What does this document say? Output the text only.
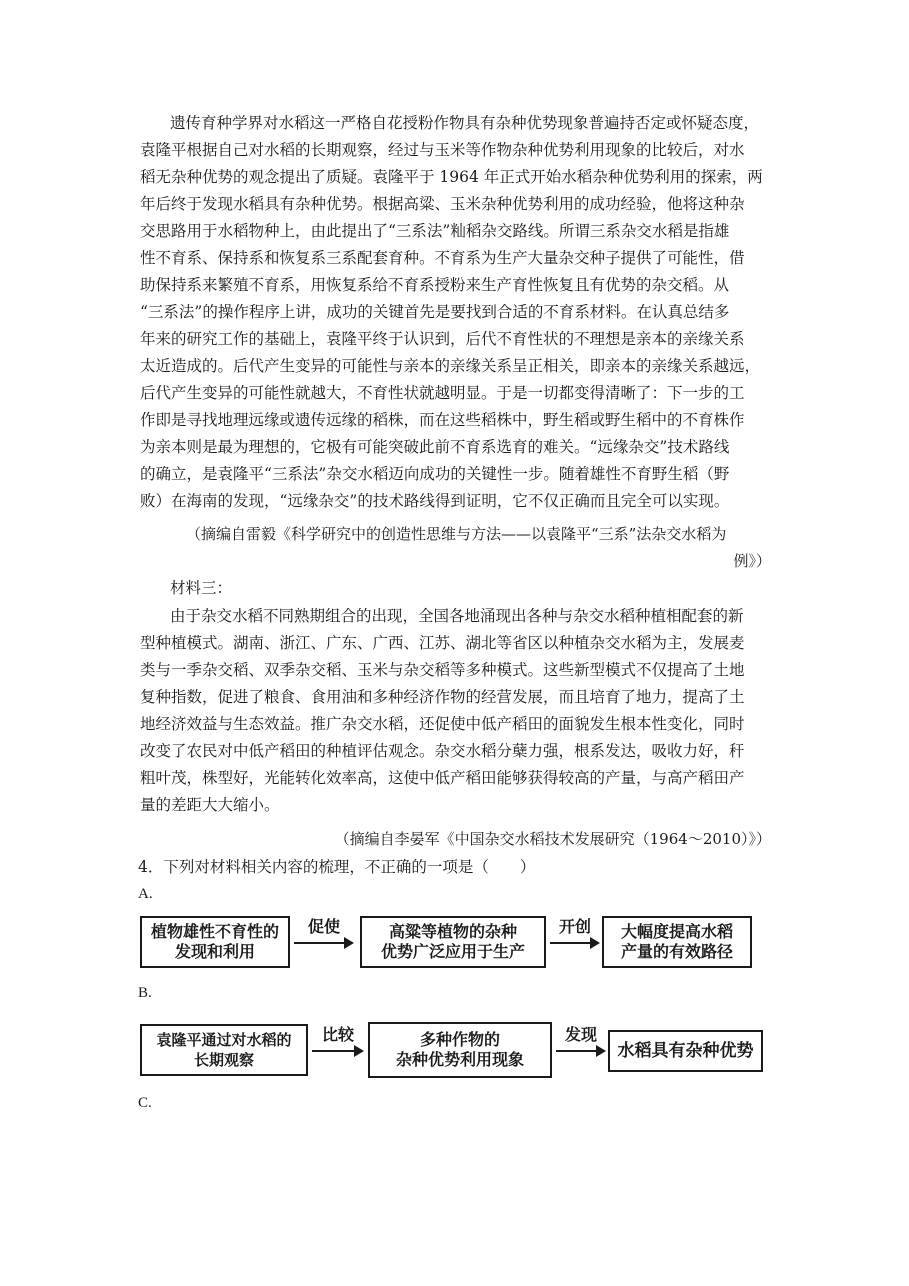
遗传育种学界对水稻这一严格自花授粉作物具有杂种优势现象普遍持否定或怀疑态度，
袁隆平根据自己对水稻的长期观察，经过与玉米等作物杂种优势利用现象的比较后，对水
稻无杂种优势的观念提出了质疑。袁隆平于 1964 年正式开始水稻杂种优势利用的探索，两
年后终于发现水稻具有杂种优势。根据高粱、玉米杂种优势利用的成功经验，他将这种杂
交思路用于水稻物种上，由此提出了“三系法”籼稻杂交路线。所谓三系杂交水稻是指雄
性不育系、保持系和恢复系三系配套育种。不育系为生产大量杂交种子提供了可能性，借
助保持系来繁殖不育系，用恢复系给不育系授粉来生产育性恢复且有优势的杂交稻。从
“三系法”的操作程序上讲，成功的关键首先是要找到合适的不育系材料。在认真总结多
年来的研究工作的基础上，袁隆平终于认识到，后代不育性状的不理想是亲本的亲缘关系
太近造成的。后代产生变异的可能性与亲本的亲缘关系呈正相关，即亲本的亲缘关系越远，
后代产生变异的可能性就越大，不育性状就越明显。于是一切都变得清晰了：下一步的工
作即是寻找地理远缘或遗传远缘的稻株，而在这些稻株中，野生稻或野生稻中的不育株作
为亲本则是最为理想的，它极有可能突破此前不育系选育的难关。“远缘杂交”技术路线
的确立，是袁隆平“三系法”杂交水稻迈向成功的关键性一步。随着雄性不育野生稻（野
败）在海南的发现，“远缘杂交”的技术路线得到证明，它不仅正确而且完全可以实现。
（摘编自雷毅《科学研究中的创造性思维与方法——以袁隆平“三系”法杂交水稻为
例》）
材料三：
由于杂交水稻不同熟期组合的出现，全国各地涌现出各种与杂交水稻种植相配套的新
型种植模式。湖南、浙江、广东、广西、江苏、湖北等省区以种植杂交水稻为主，发展麦
类与一季杂交稻、双季杂交稻、玉米与杂交稻等多种模式。这些新型模式不仅提高了土地
复种指数，促进了粮食、食用油和多种经济作物的经营发展，而且培育了地力，提高了土
地经济效益与生态效益。推广杂交水稻，还促使中低产稻田的面貌发生根本性变化，同时
改变了农民对中低产稻田的种植评估观念。杂交水稻分蘖力强，根系发达，吸收力好，秆
粗叶茂，株型好，光能转化效率高，这使中低产稻田能够获得较高的产量，与高产稻田产
量的差距大大缩小。
（摘编自李晏军《中国杂交水稻技术发展研究（1964～2010）》）
4．下列对材料相关内容的梳理，不正确的一项是（　　）
A.
植物雄性不育性的
发现和利用
促使	高粱等植物的杂种
优势广泛应用于生产
开创	大幅度提高水稻
产量的有效路径
B.
袁隆平通过对水稻的
长期观察
比较	多种作物的
杂种优势利用现象
发现
水稻具有杂种优势
C.
